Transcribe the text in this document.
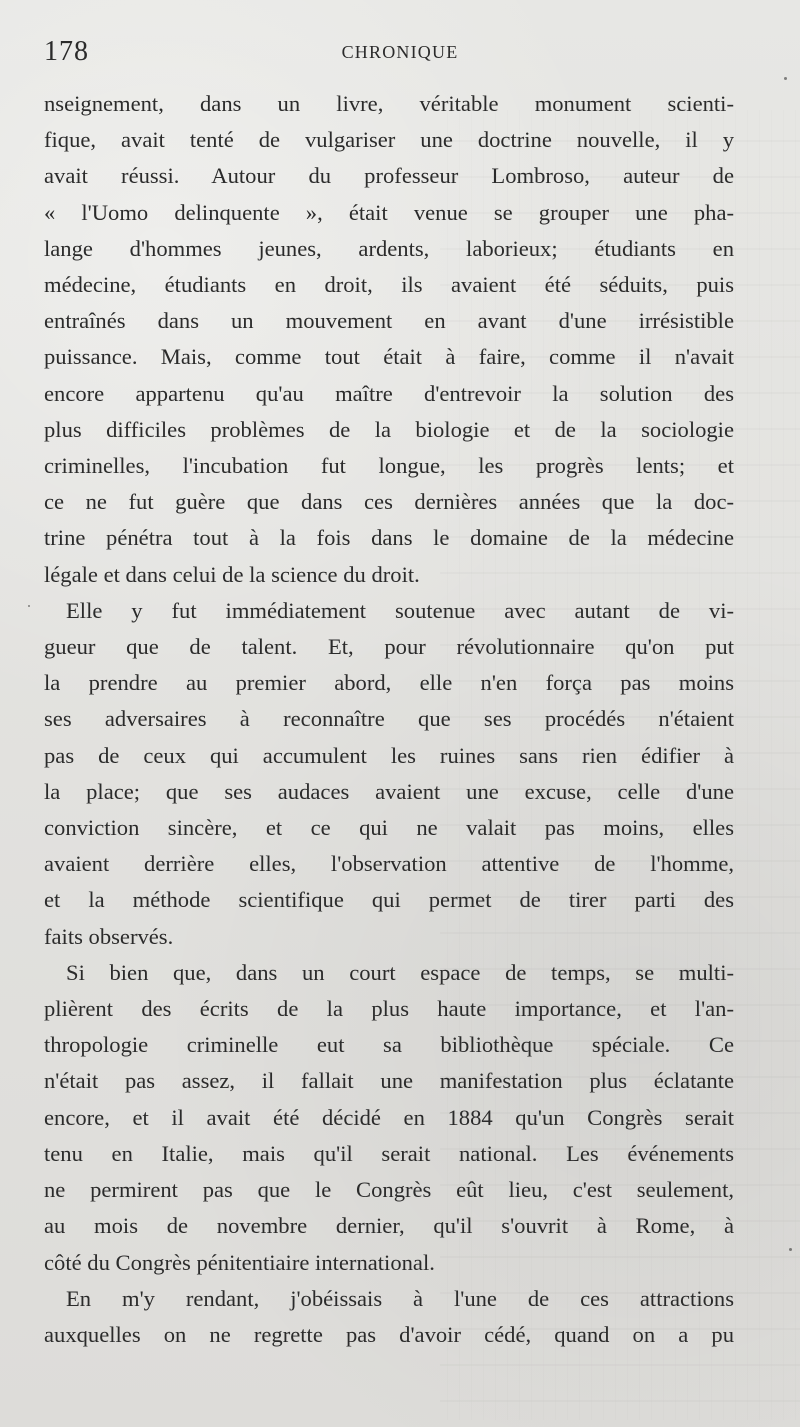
178	CHRONIQUE
nseignement, dans un livre, véritable monument scienti-
fique, avait tenté de vulgariser une doctrine nouvelle, il y
avait réussi. Autour du professeur Lombroso, auteur de
« l'Uomo delinquente », était venue se grouper une pha-
lange d'hommes jeunes, ardents, laborieux; étudiants en
médecine, étudiants en droit, ils avaient été séduits, puis
entraînés dans un mouvement en avant d'une irrésistible
puissance. Mais, comme tout était à faire, comme il n'avait
encore appartenu qu'au maître d'entrevoir la solution des
plus difficiles problèmes de la biologie et de la sociologie
criminelles, l'incubation fut longue, les progrès lents; et
ce ne fut guère que dans ces dernières années que la doc-
trine pénétra tout à la fois dans le domaine de la médecine
légale et dans celui de la science du droit.
Elle y fut immédiatement soutenue avec autant de vi-
gueur que de talent. Et, pour révolutionnaire qu'on put
la prendre au premier abord, elle n'en força pas moins
ses adversaires à reconnaître que ses procédés n'étaient
pas de ceux qui accumulent les ruines sans rien édifier à
la place; que ses audaces avaient une excuse, celle d'une
conviction sincère, et ce qui ne valait pas moins, elles
avaient derrière elles, l'observation attentive de l'homme,
et la méthode scientifique qui permet de tirer parti des
faits observés.
Si bien que, dans un court espace de temps, se multi-
plièrent des écrits de la plus haute importance, et l'an-
thropologie criminelle eut sa bibliothèque spéciale. Ce
n'était pas assez, il fallait une manifestation plus éclatante
encore, et il avait été décidé en 1884 qu'un Congrès serait
tenu en Italie, mais qu'il serait national. Les événements
ne permirent pas que le Congrès eût lieu, c'est seulement,
au mois de novembre dernier, qu'il s'ouvrit à Rome, à
côté du Congrès pénitentiaire international.
En m'y rendant, j'obéissais à l'une de ces attractions
auxquelles on ne regrette pas d'avoir cédé, quand on a pu
